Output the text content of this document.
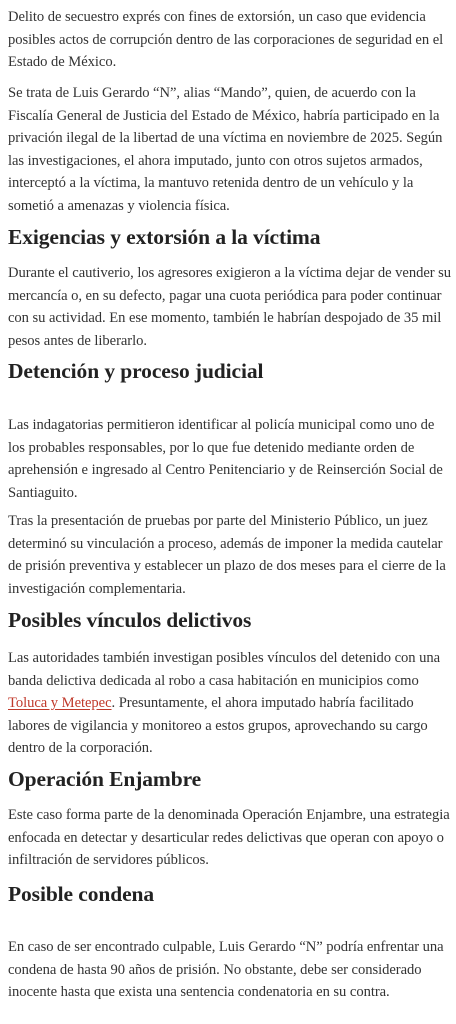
Delito de secuestro exprés con fines de extorsión, un caso que evidencia posibles actos de corrupción dentro de las corporaciones de seguridad en el Estado de México.

Se trata de Luis Gerardo “N”, alias “Mando”, quien, de acuerdo con la Fiscalía General de Justicia del Estado de México, habría participado en la privación ilegal de la libertad de una víctima en noviembre de 2025. Según las investigaciones, el ahora imputado, junto con otros sujetos armados, interceptó a la víctima, la mantuvo retenida dentro de un vehículo y la sometió a amenazas y violencia física.

Exigencias y extorsión a la víctima

Durante el cautiverio, los agresores exigieron a la víctima dejar de vender su mercancía o, en su defecto, pagar una cuota periódica para poder continuar con su actividad. En ese momento, también le habrían despojado de 35 mil pesos antes de liberarlo.

Detención y proceso judicial

Las indagatorias permitieron identificar al policía municipal como uno de los probables responsables, por lo que fue detenido mediante orden de aprehensión e ingresado al Centro Penitenciario y de Reinserción Social de Santiaguito.

Tras la presentación de pruebas por parte del Ministerio Público, un juez determinó su vinculación a proceso, además de imponer la medida cautelar de prisión preventiva y establecer un plazo de dos meses para el cierre de la investigación complementaria.

Posibles vínculos delictivos

Las autoridades también investigan posibles vínculos del detenido con una banda delictiva dedicada al robo a casa habitación en municipios como Toluca y Metepec. Presuntamente, el ahora imputado habría facilitado labores de vigilancia y monitoreo a estos grupos, aprovechando su cargo dentro de la corporación.

Operación Enjambre

Este caso forma parte de la denominada Operación Enjambre, una estrategia enfocada en detectar y desarticular redes delictivas que operan con apoyo o infiltración de servidores públicos.

Posible condena

En caso de ser encontrado culpable, Luis Gerardo “N” podría enfrentar una condena de hasta 90 años de prisión. No obstante, debe ser considerado inocente hasta que exista una sentencia condenatoria en su contra.
